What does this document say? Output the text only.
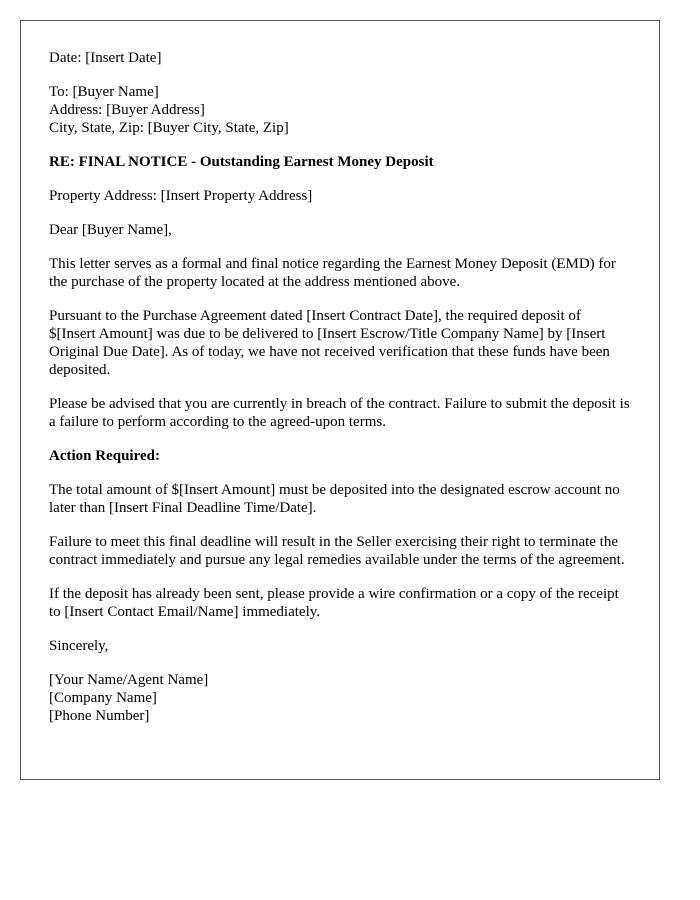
Date: [Insert Date]

To: [Buyer Name]
Address: [Buyer Address]
City, State, Zip: [Buyer City, State, Zip]

RE: FINAL NOTICE - Outstanding Earnest Money Deposit

Property Address: [Insert Property Address]

Dear [Buyer Name],

This letter serves as a formal and final notice regarding the Earnest Money Deposit (EMD) for the purchase of the property located at the address mentioned above.

Pursuant to the Purchase Agreement dated [Insert Contract Date], the required deposit of $[Insert Amount] was due to be delivered to [Insert Escrow/Title Company Name] by [Insert Original Due Date]. As of today, we have not received verification that these funds have been deposited.

Please be advised that you are currently in breach of the contract. Failure to submit the deposit is a failure to perform according to the agreed-upon terms.

Action Required:

The total amount of $[Insert Amount] must be deposited into the designated escrow account no later than [Insert Final Deadline Time/Date].

Failure to meet this final deadline will result in the Seller exercising their right to terminate the contract immediately and pursue any legal remedies available under the terms of the agreement.

If the deposit has already been sent, please provide a wire confirmation or a copy of the receipt to [Insert Contact Email/Name] immediately.

Sincerely,

[Your Name/Agent Name]
[Company Name]
[Phone Number]
